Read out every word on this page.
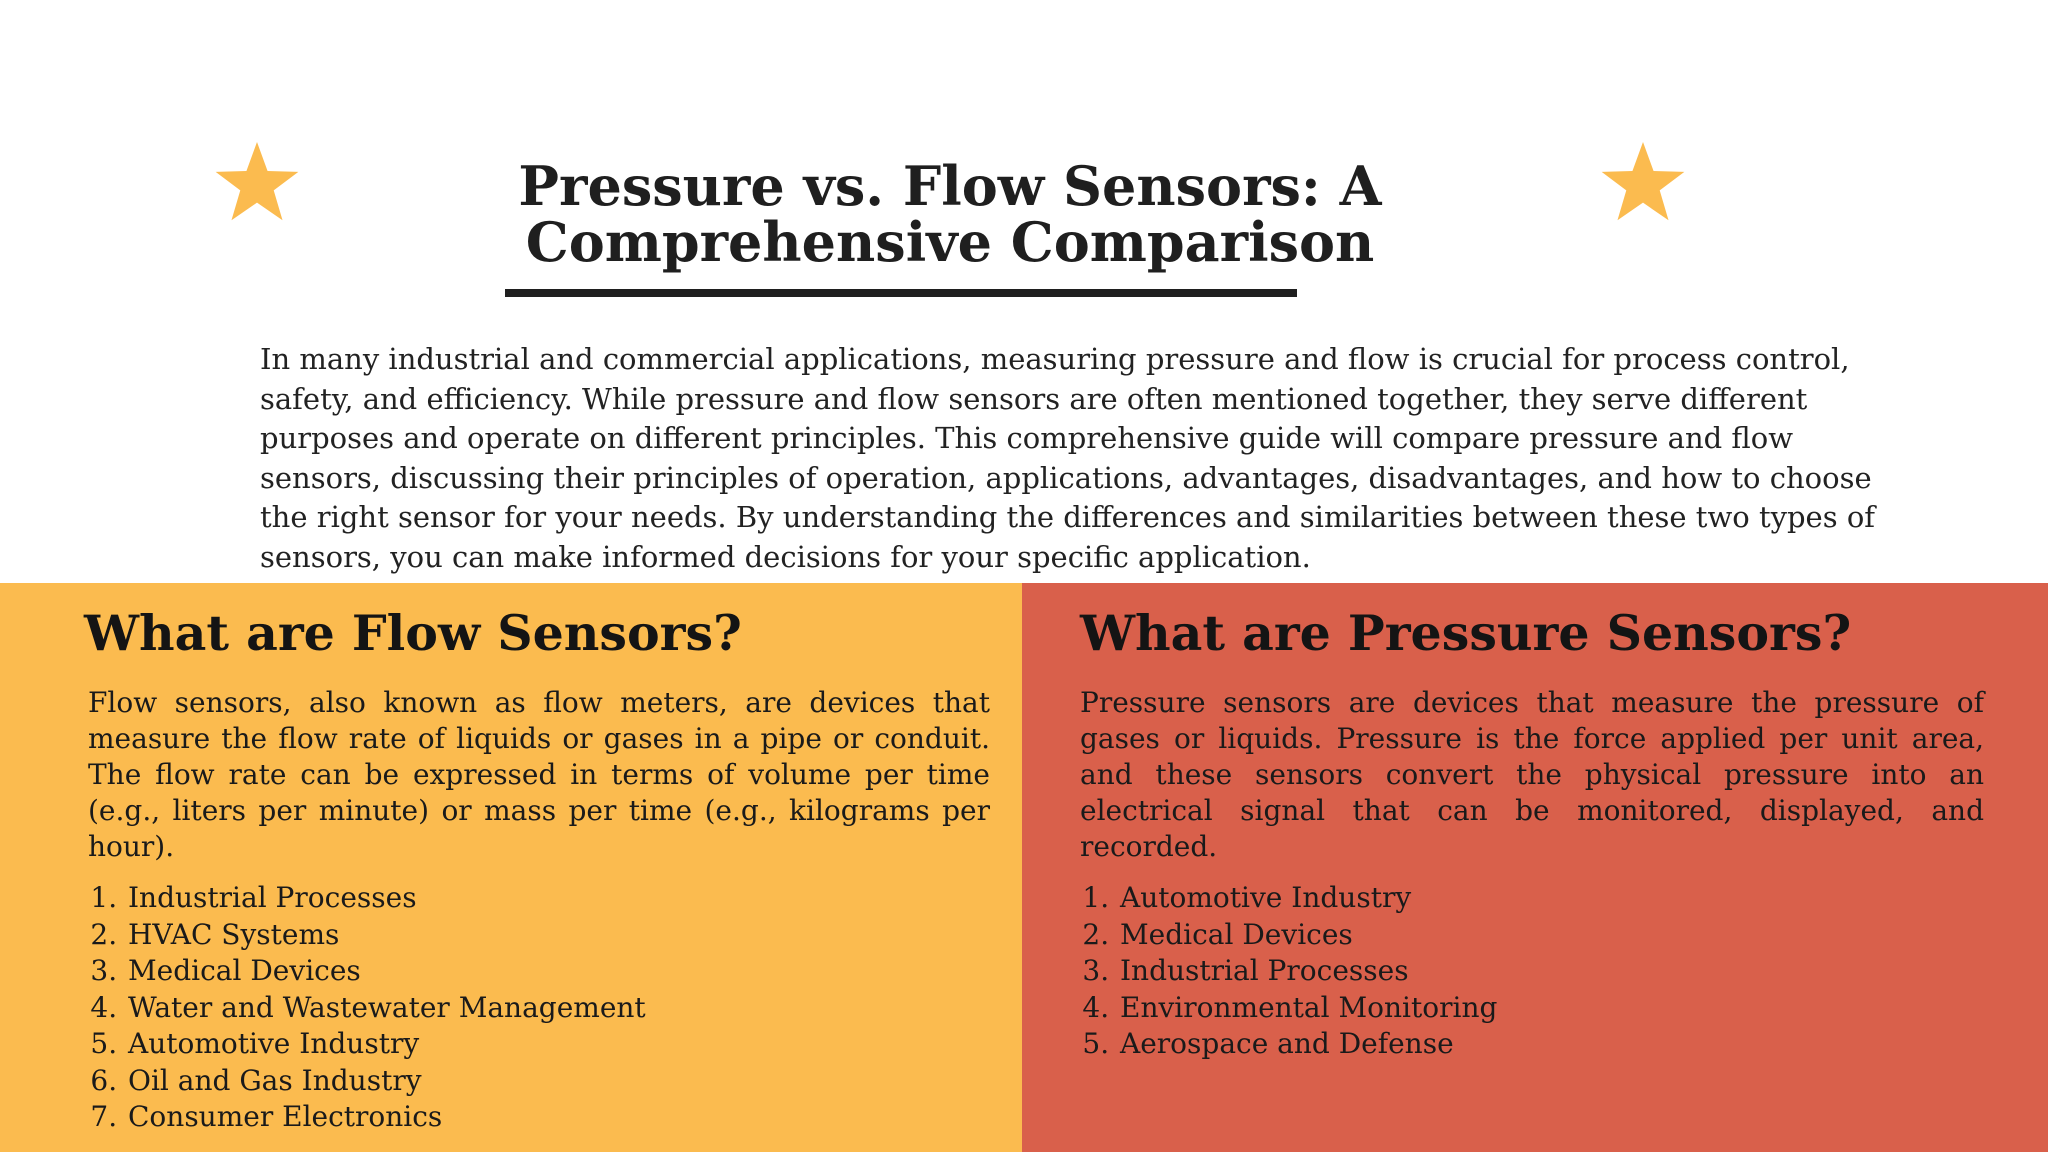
Pressure vs. Flow Sensors: A Comprehensive Comparison

In many industrial and commercial applications, measuring pressure and flow is crucial for process control, safety, and efficiency. While pressure and flow sensors are often mentioned together, they serve different purposes and operate on different principles. This comprehensive guide will compare pressure and flow sensors, discussing their principles of operation, applications, advantages, disadvantages, and how to choose the right sensor for your needs. By understanding the differences and similarities between these two types of sensors, you can make informed decisions for your specific application.

What are Flow Sensors?

Flow sensors, also known as flow meters, are devices that measure the flow rate of liquids or gases in a pipe or conduit. The flow rate can be expressed in terms of volume per time (e.g., liters per minute) or mass per time (e.g., kilograms per hour).

1. Industrial Processes
2. HVAC Systems
3. Medical Devices
4. Water and Wastewater Management
5. Automotive Industry
6. Oil and Gas Industry
7. Consumer Electronics
What are Pressure Sensors?

Pressure sensors are devices that measure the pressure of gases or liquids. Pressure is the force applied per unit area, and these sensors convert the physical pressure into an electrical signal that can be monitored, displayed, and recorded.

1. Automotive Industry
2. Medical Devices
3. Industrial Processes
4. Environmental Monitoring
5. Aerospace and Defense
